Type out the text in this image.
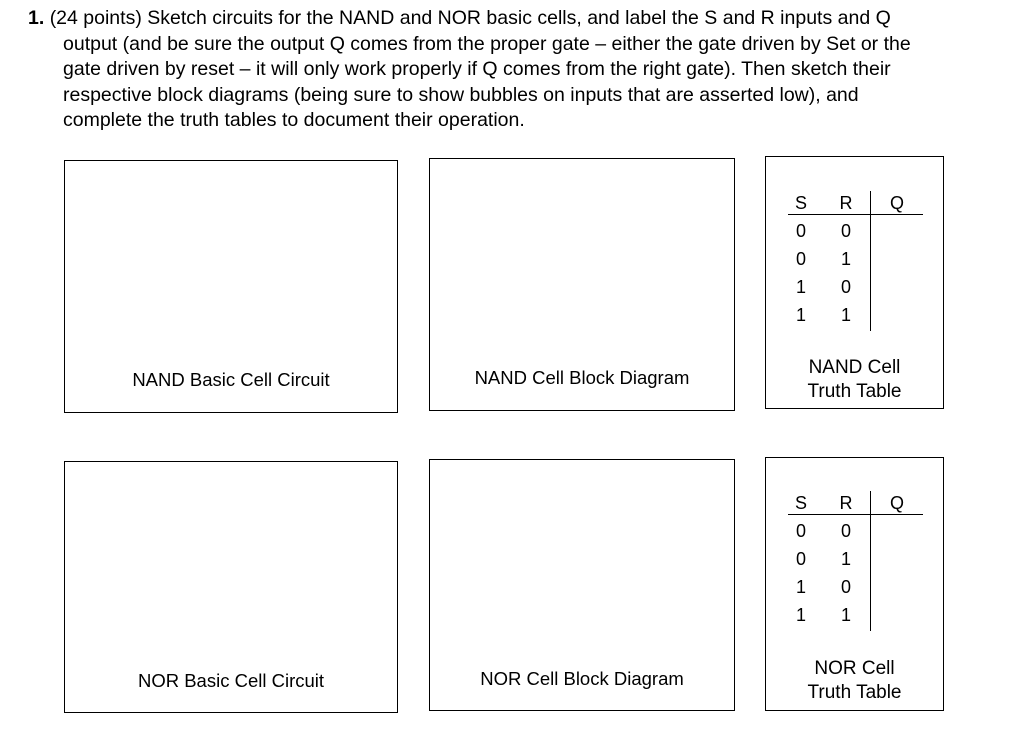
1. (24 points) Sketch circuits for the NAND and NOR basic cells, and label the S and R inputs and Q
output (and be sure the output Q comes from the proper gate – either the gate driven by Set or the
gate driven by reset – it will only work properly if Q comes from the right gate). Then sketch their
respective block diagrams (being sure to show bubbles on inputs that are asserted low), and
complete the truth tables to document their operation.
NAND Basic Cell Circuit	NAND Cell Block Diagram
S R Q
0 0
0 1
1 0
1 1
NAND Cell
Truth Table
NOR Basic Cell Circuit	NOR Cell Block Diagram
S R Q
0 0
0 1
1 0
1 1
NOR Cell
Truth Table
